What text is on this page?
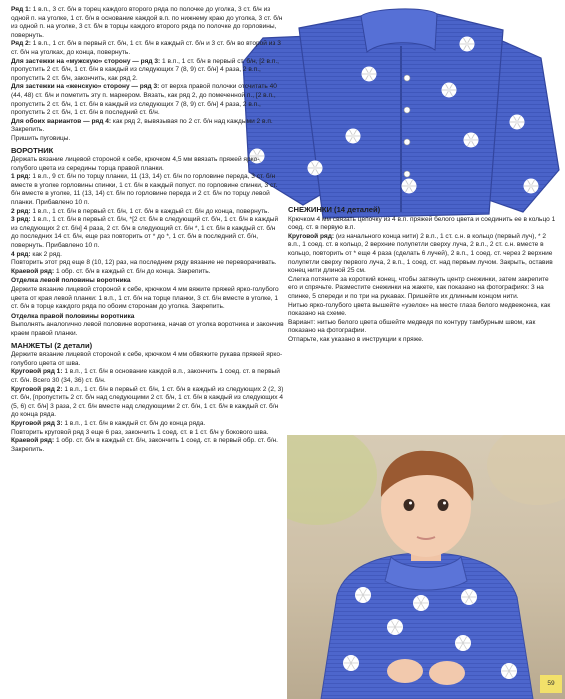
Ряд 1: 1 в.п., 3 ст. б/н в торец каждого второго ряда по полочке до уголка, 3 ст. б/н из одной п. на уголке, 1 ст. б/н в основание каждой в.п. по нижнему краю до уголка, 3 ст. б/н из одной п. на уголке, 3 ст. б/н в торцы каждого второго ряда по полочке до горловины, повернуть.

Ряд 2: 1 в.п., 1 ст. б/н в первый ст. б/н, 1 ст. б/н в каждый ст. б/н и 3 ст. б/н во второй из 3 ст. б/н на уголках, до конца, повернуть.

Для застежки на «мужскую» сторону — ряд 3: 1 в.п., 1 ст. б/н в первый ст. б/н, [2 в.п., пропустить 2 ст. б/н, 1 ст. б/н в каждый из следующих 7 (8, 9) ст. б/н] 4 раза, 2 в.п., пропустить 2 ст. б/н, закончить, как ряд 2.

Для застежки на «женскую» сторону — ряд 3: от верха правой полочки отсчитать 40 (44, 48) ст. б/н и пометить эту п. маркером. Вязать, как ряд 2, до помеченной п., [2 в.п., пропустить 2 ст. б/н, 1 ст. б/н в каждый из следующих 7 (8, 9) ст. б/н] 4 раза, 2 в.п., пропустить 2 ст. б/н, 1 ст. б/н в последний ст. б/н.

Для обоих вариантов — ряд 4: как ряд 2, вывязывая по 2 ст. б/н над каждыми 2 в.п. Закрепить.

Пришить пуговицы.

ВОРОТНИК

Держать вязание лицевой стороной к себе, крючком 4,5 мм ввязать пряжей ярко-голубого цвета из середины торца правой планки.

1 ряд: 1 в.п., 9 ст. б/н по торцу планки, 11 (13, 14) ст. б/н по горловине переда, 3 ст. б/н вместе в уголке горловины спинки, 1 ст. б/н в каждый попуст. по горловине спинки, 3 ст. б/н вместе в уголке, 11 (13, 14) ст. б/н по горловине переда и 2 ст. б/н по торцу левой планки. Прибавлено 10 п.

2 ряд: 1 в.п., 1 ст. б/н в первый ст. б/н, 1 ст. б/н в каждый ст. б/н до конца, повернуть.

3 ряд: 1 в.п., 1 ст. б/н в первый ст. б/н, *[2 ст. б/н в следующий ст. б/н, 1 ст. б/н в каждый из следующих 2 ст. б/н] 4 раза, 2 ст. б/н в следующий ст. б/н *, 1 ст. б/н в каждый ст. б/н до последних 14 ст. б/н, еще раз повторить от * до *, 1 ст. б/н в последний ст. б/н, повернуть. Прибавлено 10 п.

4 ряд: как 2 ряд.

Повторить этот ряд еще 8 (10, 12) раз, на последнем ряду вязание не переворачивать.

Краевой ряд: 1 обр. ст. б/н в каждый ст. б/н до конца. Закрепить.

Отделка левой половины воротника

Держите вязание лицевой стороной к себе, крючком 4 мм вяжите пряжей ярко-голубого цвета от края левой планки: 1 в.п., 1 ст. б/н на торце планки, 3 ст. б/н вместе в уголке, 1 ст. б/н в торце каждого ряда по обоим сторонам до уголка. Закрепить.

Отделка правой половины воротника

Выполнять аналогично левой половине воротника, начав от уголка воротника и закончив краем правой планки.

МАНЖЕТЫ (2 детали)

Держите вязание лицевой стороной к себе, крючком 4 мм обвяжите рукава пряжей ярко-голубого цвета от шва.

Круговой ряд 1: 1 в.п., 1 ст. б/н в основание каждой в.п., закончить 1 соед. ст. в первый ст. б/н. Всего 30 (34, 36) ст. б/н.

Круговой ряд 2: 1 в.п., 1 ст. б/н в первый ст. б/н, 1 ст. б/н в каждый из следующих 2 (2, 3) ст. б/н, [пропустить 2 ст. б/н над следующими 2 ст. б/н, 1 ст. б/н в каждый из следующих 4 (5, 6) ст. б/н] 3 раза, 2 ст. б/н вместе над следующими 2 ст. б/н, 1 ст. б/н в каждый ст. б/н до конца ряда.

Круговой ряд 3: 1 в.п., 1 ст. б/н в каждый ст. б/н до конца ряда.

Повторить круговой ряд 3 еще 6 раз, закончить 1 соед. ст. в 1 ст. б/н у бокового шва.

Краевой ряд: 1 обр. ст. б/н в каждый ст. б/н, закончить 1 соед. ст. в первый обр. ст. б/н. Закрепить.

СНЕЖИНКИ (14 деталей)

Крючком 4 мм связать цепочку из 4 в.п. пряжей белого цвета и соединить ее в кольцо 1 соед. ст. в первую в.п.

Круговой ряд: (из начального конца нити) 2 в.п., 1 ст. с.н. в кольцо (первый луч), * 2 в.п., 1 соед. ст. в кольцо, 2 верхние полупетли сверху луча, 2 в.п., 2 ст. с.н. вместе в кольцо, повторить от * еще 4 раза (сделать 6 лучей), 2 в.п., 1 соед. ст. через 2 верхние полупетли сверху первого луча, 2 в.п., 1 соед. ст. над первым лучом. Закрыть, оставив конец нити длиной 25 см.

Слегка потяните за короткий конец, чтобы затянуть центр снежинки, затем закрепите его и спрячьте. Разместите снежинки на жакете, как показано на фотографиях: 3 на спинке, 5 спереди и по три на рукавах. Пришейте их длинным концом нити.

Нитью ярко-голубого цвета вышейте «узелок» на месте глаза белого медвежонка, как показано на схеме.

Вариант: нитью белого цвета обшейте медведя по контуру тамбурным швом, как показано на фотографии.

Отпарьте, как указано в инструкции к пряже.

59
